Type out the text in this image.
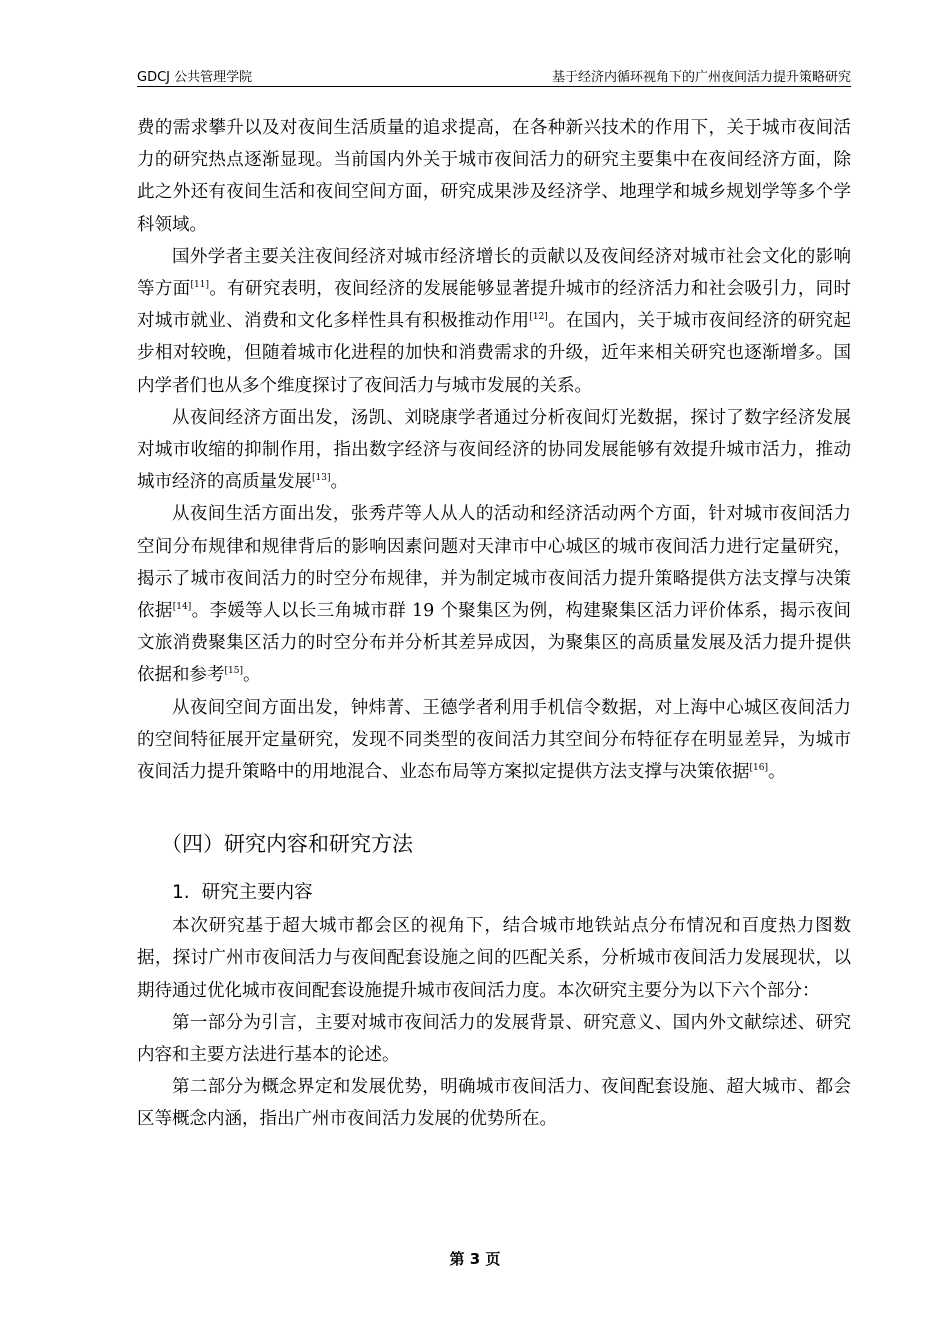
GDCJ 公共管理学院	基于经济内循环视角下的广州夜间活力提升策略研究

费的需求攀升以及对夜间生活质量的追求提高，在各种新兴技术的作用下，关于城市夜间活力的研究热点逐渐显现。当前国内外关于城市夜间活力的研究主要集中在夜间经济方面，除此之外还有夜间生活和夜间空间方面，研究成果涉及经济学、地理学和城乡规划学等多个学科领域。

国外学者主要关注夜间经济对城市经济增长的贡献以及夜间经济对城市社会文化的影响等方面[11]。有研究表明，夜间经济的发展能够显著提升城市的经济活力和社会吸引力，同时对城市就业、消费和文化多样性具有积极推动作用[12]。在国内，关于城市夜间经济的研究起步相对较晚，但随着城市化进程的加快和消费需求的升级，近年来相关研究也逐渐增多。国内学者们也从多个维度探讨了夜间活力与城市发展的关系。

从夜间经济方面出发，汤凯、刘晓康学者通过分析夜间灯光数据，探讨了数字经济发展对城市收缩的抑制作用，指出数字经济与夜间经济的协同发展能够有效提升城市活力，推动城市经济的高质量发展[13]。

从夜间生活方面出发，张秀芹等人从人的活动和经济活动两个方面，针对城市夜间活力空间分布规律和规律背后的影响因素问题对天津市中心城区的城市夜间活力进行定量研究，揭示了城市夜间活力的时空分布规律，并为制定城市夜间活力提升策略提供方法支撑与决策依据[14]。李媛等人以长三角城市群 19 个聚集区为例，构建聚集区活力评价体系，揭示夜间文旅消费聚集区活力的时空分布并分析其差异成因，为聚集区的高质量发展及活力提升提供依据和参考[15]。

从夜间空间方面出发，钟炜菁、王德学者利用手机信令数据，对上海中心城区夜间活力的空间特征展开定量研究，发现不同类型的夜间活力其空间分布特征存在明显差异，为城市夜间活力提升策略中的用地混合、业态布局等方案拟定提供方法支撑与决策依据[16]。

（四）研究内容和研究方法
1. 研究主要内容

本次研究基于超大城市都会区的视角下，结合城市地铁站点分布情况和百度热力图数据，探讨广州市夜间活力与夜间配套设施之间的匹配关系，分析城市夜间活力发展现状，以期待通过优化城市夜间配套设施提升城市夜间活力度。本次研究主要分为以下六个部分：

第一部分为引言，主要对城市夜间活力的发展背景、研究意义、国内外文献综述、研究内容和主要方法进行基本的论述。

第二部分为概念界定和发展优势，明确城市夜间活力、夜间配套设施、超大城市、都会区等概念内涵，指出广州市夜间活力发展的优势所在。

第 3 页
